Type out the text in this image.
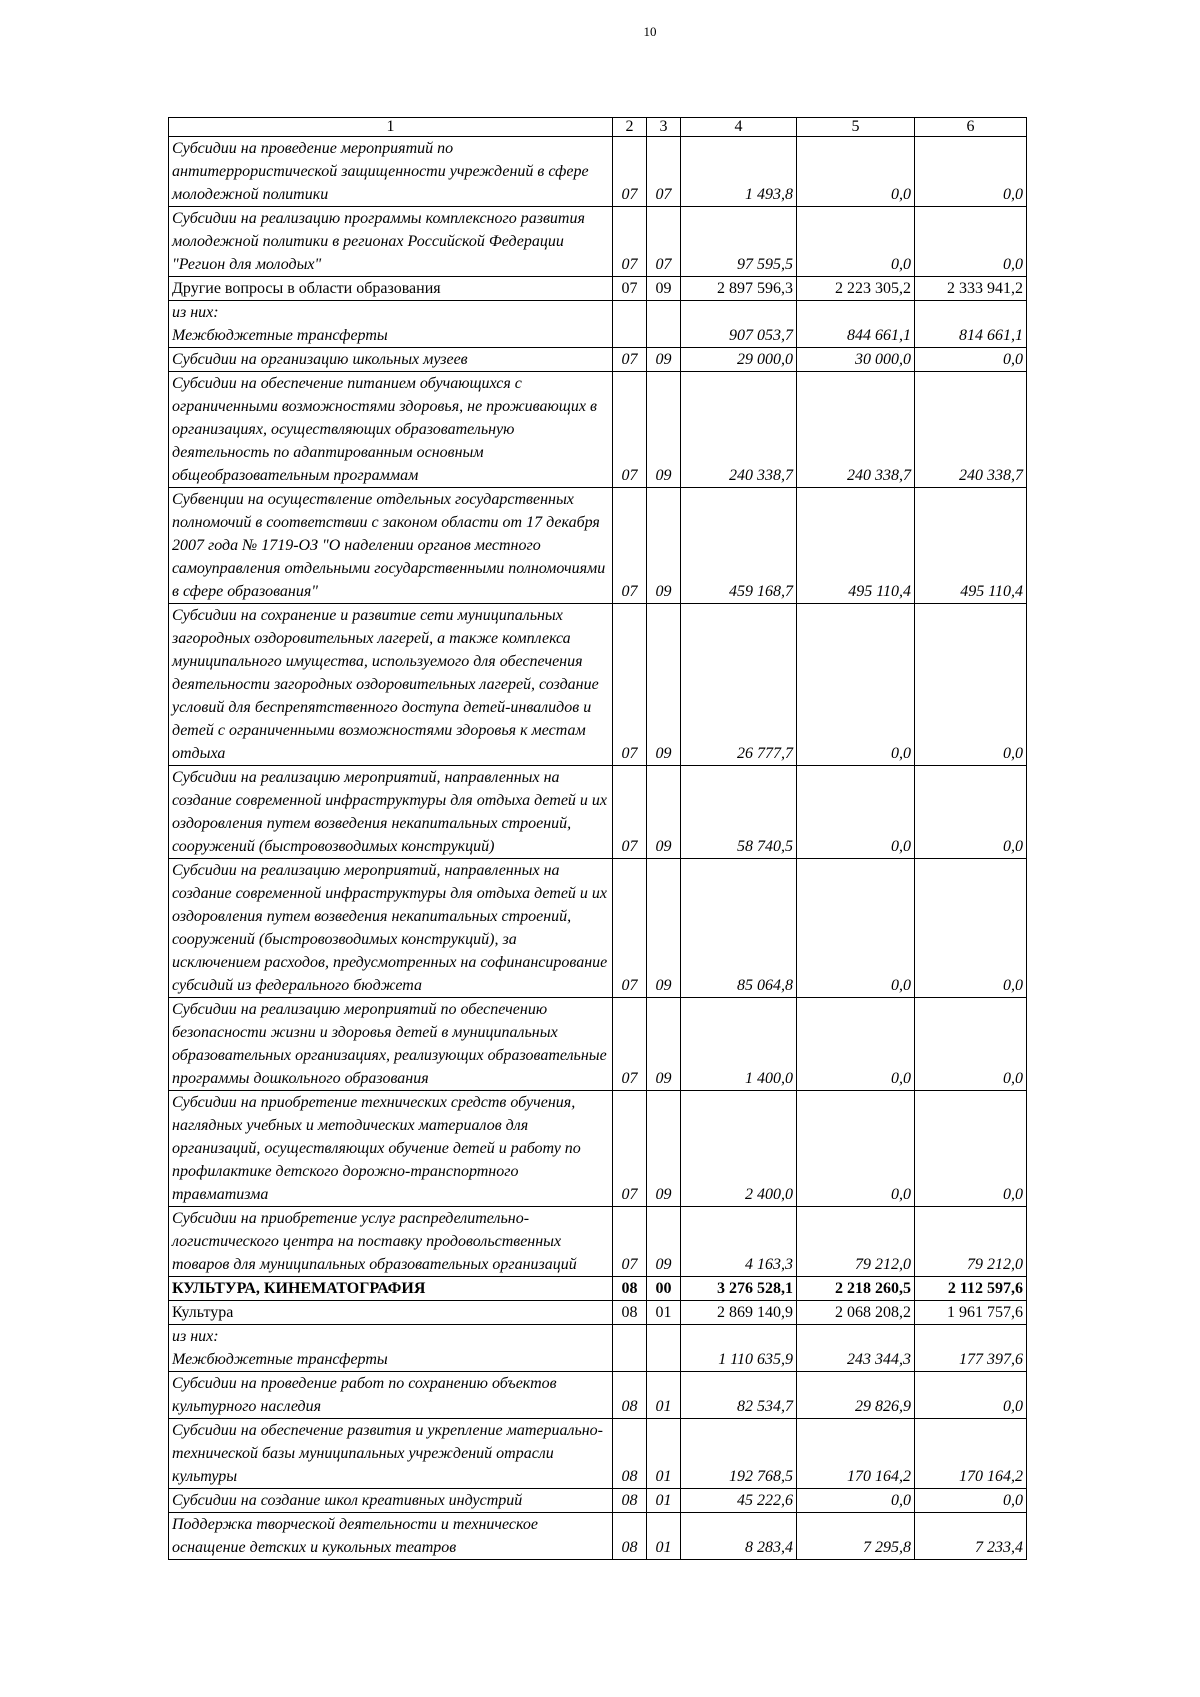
10
1	2	3	4	5	6
Субсидии на проведение мероприятий по антитеррористической защищенности учреждений в сфере молодежной политики	07	07	1 493,8	0,0	0,0
Субсидии на реализацию программы комплексного развития молодежной политики в регионах Российской Федерации "Регион для молодых"	07	07	97 595,5	0,0	0,0
Другие вопросы в области образования	07	09	2 897 596,3	2 223 305,2	2 333 941,2
из них:					
Межбюджетные трансферты			907 053,7	844 661,1	814 661,1
Субсидии на организацию школьных музеев	07	09	29 000,0	30 000,0	0,0
Субсидии на обеспечение питанием обучающихся с ограниченными возможностями здоровья, не проживающих в организациях, осуществляющих образовательную деятельность по адаптированным основным общеобразовательным программам	07	09	240 338,7	240 338,7	240 338,7
Субвенции на осуществление отдельных государственных полномочий в соответствии с законом области от 17 декабря 2007 года № 1719-ОЗ "О наделении органов местного самоуправления отдельными государственными полномочиями в сфере образования"	07	09	459 168,7	495 110,4	495 110,4
Субсидии на сохранение и развитие сети муниципальных загородных оздоровительных лагерей, а также комплекса муниципального имущества, используемого для обеспечения деятельности загородных оздоровительных лагерей, создание условий для беспрепятственного доступа детей-инвалидов и детей с ограниченными возможностями здоровья к местам отдыха	07	09	26 777,7	0,0	0,0
Субсидии на реализацию мероприятий, направленных на создание современной инфраструктуры для отдыха детей и их оздоровления путем возведения некапитальных строений, сооружений (быстровозводимых конструкций)	07	09	58 740,5	0,0	0,0
Субсидии на реализацию мероприятий, направленных на создание современной инфраструктуры для отдыха детей и их оздоровления путем возведения некапитальных строений, сооружений (быстровозводимых конструкций), за исключением расходов, предусмотренных на софинансирование субсидий из федерального бюджета	07	09	85 064,8	0,0	0,0
Субсидии на реализацию мероприятий по обеспечению безопасности жизни и здоровья детей в муниципальных образовательных организациях, реализующих образовательные программы дошкольного образования	07	09	1 400,0	0,0	0,0
Субсидии на приобретение технических средств обучения, наглядных учебных и методических материалов для организаций, осуществляющих обучение детей и работу по профилактике детского дорожно-транспортного травматизма	07	09	2 400,0	0,0	0,0
Субсидии на приобретение услуг распределительно-логистического центра на поставку продовольственных товаров для муниципальных образовательных организаций	07	09	4 163,3	79 212,0	79 212,0
КУЛЬТУРА, КИНЕМАТОГРАФИЯ	08	00	3 276 528,1	2 218 260,5	2 112 597,6
Культура	08	01	2 869 140,9	2 068 208,2	1 961 757,6
из них:					
Межбюджетные трансферты			1 110 635,9	243 344,3	177 397,6
Субсидии на проведение работ по сохранению объектов культурного наследия	08	01	82 534,7	29 826,9	0,0
Субсидии на обеспечение развития и укрепление материально-технической базы муниципальных учреждений отрасли культуры	08	01	192 768,5	170 164,2	170 164,2
Субсидии на создание школ креативных индустрий	08	01	45 222,6	0,0	0,0
Поддержка творческой деятельности и техническое оснащение детских и кукольных театров	08	01	8 283,4	7 295,8	7 233,4
